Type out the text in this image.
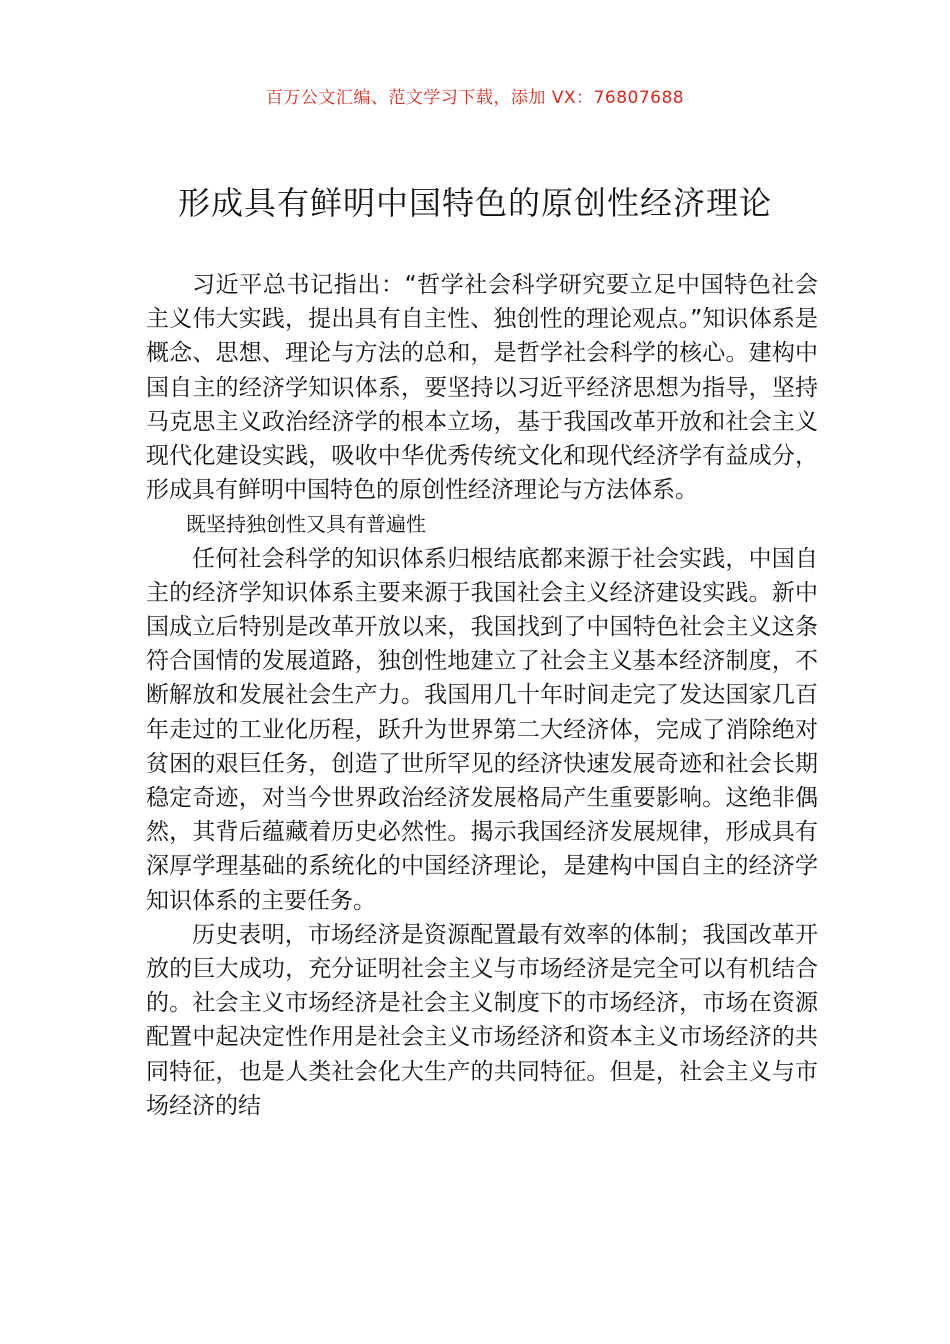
百万公文汇编、范文学习下载，添加 VX：76807688
形成具有鲜明中国特色的原创性经济理论

习近平总书记指出：“哲学社会科学研究要立足中国特色社会主义伟大实践，提出具有自主性、独创性的理论观点。”知识体系是概念、思想、理论与方法的总和，是哲学社会科学的核心。建构中国自主的经济学知识体系，要坚持以习近平经济思想为指导，坚持马克思主义政治经济学的根本立场，基于我国改革开放和社会主义现代化建设实践，吸收中华优秀传统文化和现代经济学有益成分，形成具有鲜明中国特色的原创性经济理论与方法体系。

既坚持独创性又具有普遍性

任何社会科学的知识体系归根结底都来源于社会实践，中国自主的经济学知识体系主要来源于我国社会主义经济建设实践。新中国成立后特别是改革开放以来，我国找到了中国特色社会主义这条符合国情的发展道路，独创性地建立了社会主义基本经济制度，不断解放和发展社会生产力。我国用几十年时间走完了发达国家几百年走过的工业化历程，跃升为世界第二大经济体，完成了消除绝对贫困的艰巨任务，创造了世所罕见的经济快速发展奇迹和社会长期稳定奇迹，对当今世界政治经济发展格局产生重要影响。这绝非偶然，其背后蕴藏着历史必然性。揭示我国经济发展规律，形成具有深厚学理基础的系统化的中国经济理论，是建构中国自主的经济学知识体系的主要任务。

历史表明，市场经济是资源配置最有效率的体制；我国改革开放的巨大成功，充分证明社会主义与市场经济是完全可以有机结合的。社会主义市场经济是社会主义制度下的市场经济，市场在资源配置中起决定性作用是社会主义市场经济和资本主义市场经济的共同特征，也是人类社会化大生产的共同特征。但是，社会主义与市场经济的结
